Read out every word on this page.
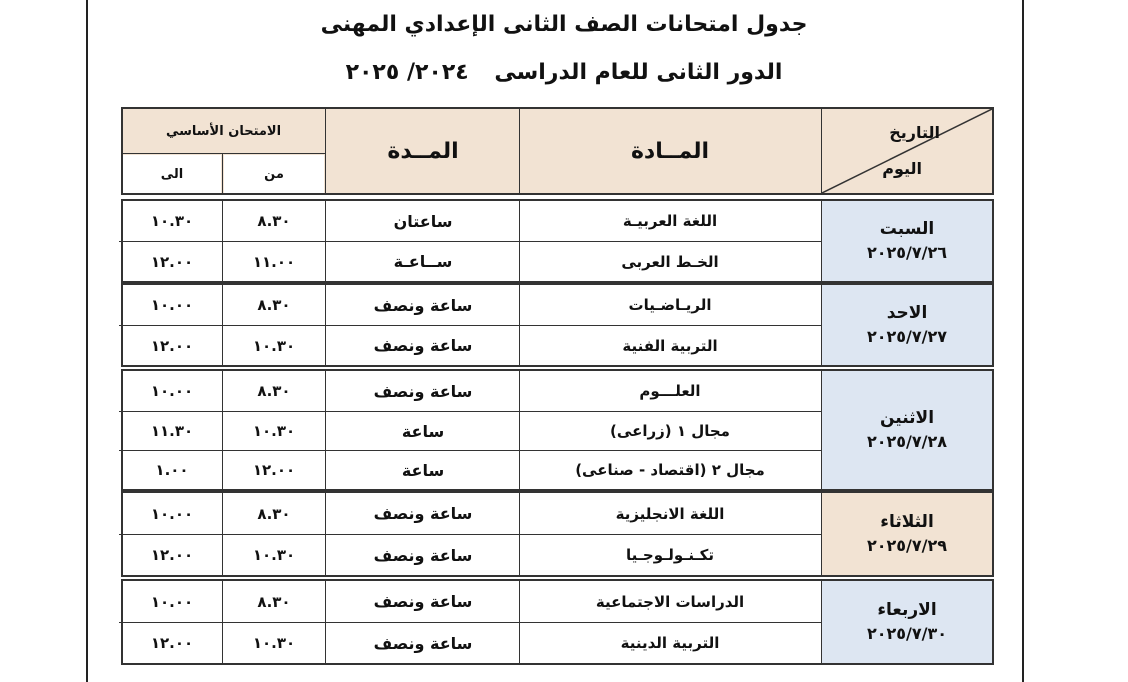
جدول امتحانات الصف الثانى الإعدادي المهنى
الدور الثانى للعام الدراسى ٢٠٢٤/ ٢٠٢٥
التاريخ
اليوم
المــادة
المــدة
الامتحان الأساسي
من
الى
السبت
٢٠٢٥/٧/٢٦
اللغة العربيـة
ساعتان
٨.٣٠
١٠.٣٠
الخـط العربى
ســاعـة
١١.٠٠
١٢.٠٠
الاحد
٢٠٢٥/٧/٢٧
الريـاضـيات
ساعة ونصف
٨.٣٠
١٠.٠٠
التربية الفنية
ساعة ونصف
١٠.٣٠
١٢.٠٠
الاثنين
٢٠٢٥/٧/٢٨
العلـــوم
ساعة ونصف
٨.٣٠
١٠.٠٠
مجال ١ (زراعى)
ساعة
١٠.٣٠
١١.٣٠
مجال ٢ (اقتصاد - صناعى)
ساعة
١٢.٠٠
١.٠٠
الثلاثاء
٢٠٢٥/٧/٢٩
اللغة الانجليزية
ساعة ونصف
٨.٣٠
١٠.٠٠
تكـنـولـوجـيا
ساعة ونصف
١٠.٣٠
١٢.٠٠
الاربعاء
٢٠٢٥/٧/٣٠
الدراسات الاجتماعية
ساعة ونصف
٨.٣٠
١٠.٠٠
التربية الدينية
ساعة ونصف
١٠.٣٠
١٢.٠٠
